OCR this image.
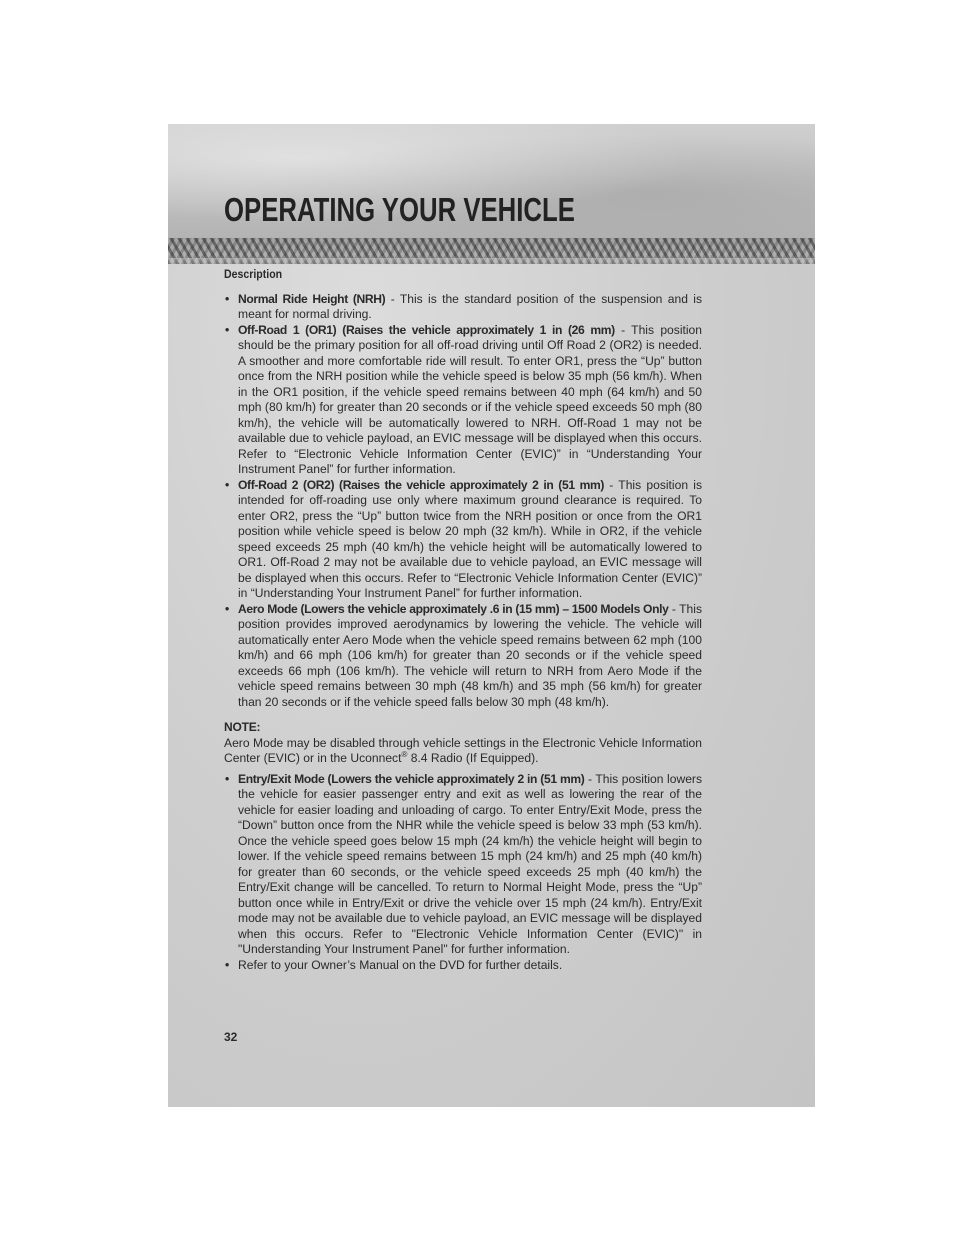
OPERATING YOUR VEHICLE

Description

• Normal Ride Height (NRH) - This is the standard position of the suspension and is meant for normal driving.

• Off-Road 1 (OR1) (Raises the vehicle approximately 1 in (26 mm) - This position should be the primary position for all off-road driving until Off Road 2 (OR2) is needed. A smoother and more comfortable ride will result. To enter OR1, press the “Up” button once from the NRH position while the vehicle speed is below 35 mph (56 km/h). When in the OR1 position, if the vehicle speed remains between 40 mph (64 km/h) and 50 mph (80 km/h) for greater than 20 seconds or if the vehicle speed exceeds 50 mph (80 km/h), the vehicle will be automatically lowered to NRH. Off-Road 1 may not be available due to vehicle payload, an EVIC message will be displayed when this occurs. Refer to “Electronic Vehicle Information Center (EVIC)” in “Understanding Your Instrument Panel” for further information.

• Off-Road 2 (OR2) (Raises the vehicle approximately 2 in (51 mm) - This position is intended for off-roading use only where maximum ground clearance is required. To enter OR2, press the “Up” button twice from the NRH position or once from the OR1 position while vehicle speed is below 20 mph (32 km/h). While in OR2, if the vehicle speed exceeds 25 mph (40 km/h) the vehicle height will be automatically lowered to OR1. Off-Road 2 may not be available due to vehicle payload, an EVIC message will be displayed when this occurs. Refer to “Electronic Vehicle Information Center (EVIC)” in “Understanding Your Instrument Panel” for further information.

• Aero Mode (Lowers the vehicle approximately .6 in (15 mm) – 1500 Models Only - This position provides improved aerodynamics by lowering the vehicle. The vehicle will automatically enter Aero Mode when the vehicle speed remains between 62 mph (100 km/h) and 66 mph (106 km/h) for greater than 20 seconds or if the vehicle speed exceeds 66 mph (106 km/h). The vehicle will return to NRH from Aero Mode if the vehicle speed remains between 30 mph (48 km/h) and 35 mph (56 km/h) for greater than 20 seconds or if the vehicle speed falls below 30 mph (48 km/h).

NOTE:

Aero Mode may be disabled through vehicle settings in the Electronic Vehicle Information Center (EVIC) or in the Uconnect® 8.4 Radio (If Equipped).

• Entry/Exit Mode (Lowers the vehicle approximately 2 in (51 mm) - This position lowers the vehicle for easier passenger entry and exit as well as lowering the rear of the vehicle for easier loading and unloading of cargo. To enter Entry/Exit Mode, press the “Down” button once from the NHR while the vehicle speed is below 33 mph (53 km/h). Once the vehicle speed goes below 15 mph (24 km/h) the vehicle height will begin to lower. If the vehicle speed remains between 15 mph (24 km/h) and 25 mph (40 km/h) for greater than 60 seconds, or the vehicle speed exceeds 25 mph (40 km/h) the Entry/Exit change will be cancelled. To return to Normal Height Mode, press the “Up” button once while in Entry/Exit or drive the vehicle over 15 mph (24 km/h). Entry/Exit mode may not be available due to vehicle payload, an EVIC message will be displayed when this occurs. Refer to "Electronic Vehicle Information Center (EVIC)" in "Understanding Your Instrument Panel" for further information.

• Refer to your Owner’s Manual on the DVD for further details.

32
